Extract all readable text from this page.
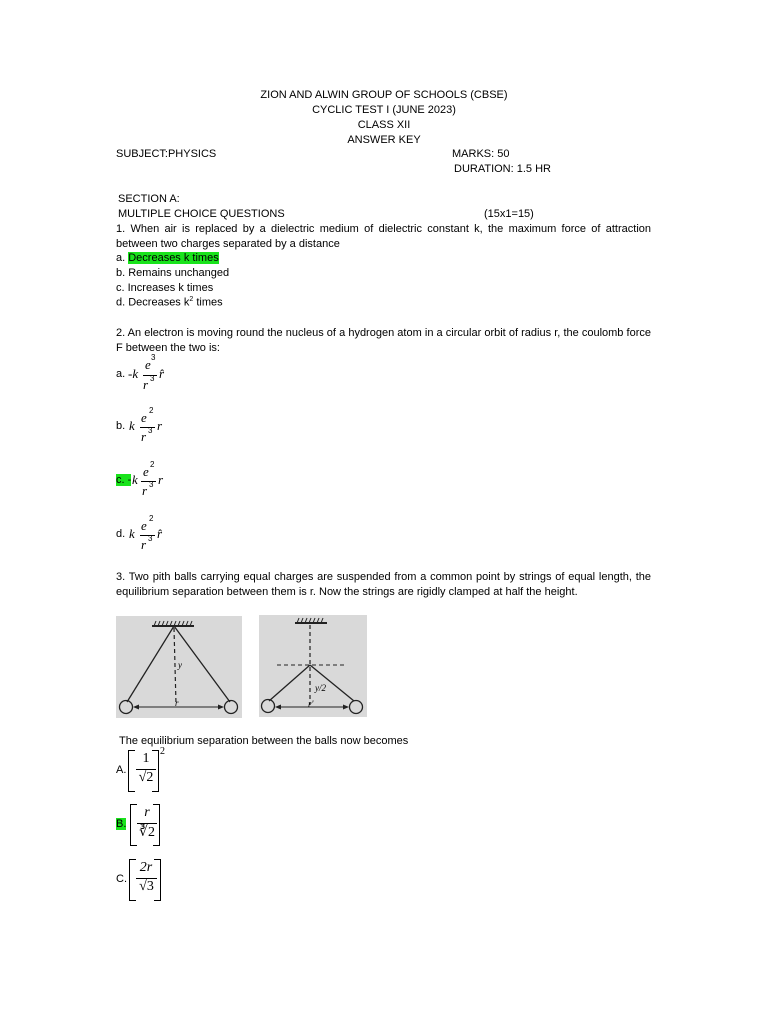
ZION AND ALWIN GROUP OF SCHOOLS (CBSE)
CYCLIC TEST I (JUNE 2023)
CLASS XII
ANSWER KEY
SUBJECT:PHYSICS	MARKS: 50
DURATION: 1.5 HR
SECTION A:
MULTIPLE CHOICE QUESTIONS	(15x1=15)
1. When air is replaced by a dielectric medium of dielectric constant k, the maximum force of attraction between two charges separated by a distance
a. Decreases k times
b. Remains unchanged
c. Increases k times
d. Decreases $k^2$ times
2. An electron is moving round the nucleus of a hydrogen atom in a circular orbit of radius r, the coulomb force F between the two is:
a. -k
e 3
r 3 r̂
b. k
e 2
r 3 r⃗
c. - k
e 2
r 3 r⃗
d. k
e 2
r 3 r̂
3. Two pith balls carrying equal charges are suspended from a common point by strings of equal length, the equilibrium separation between them is r. Now the strings are rigidly clamped at half the height.
y
r
y/2
r'
The equilibrium separation between the balls now becomes
A.
1
√2
2
B.
r
∛2
C.
2r
√3
